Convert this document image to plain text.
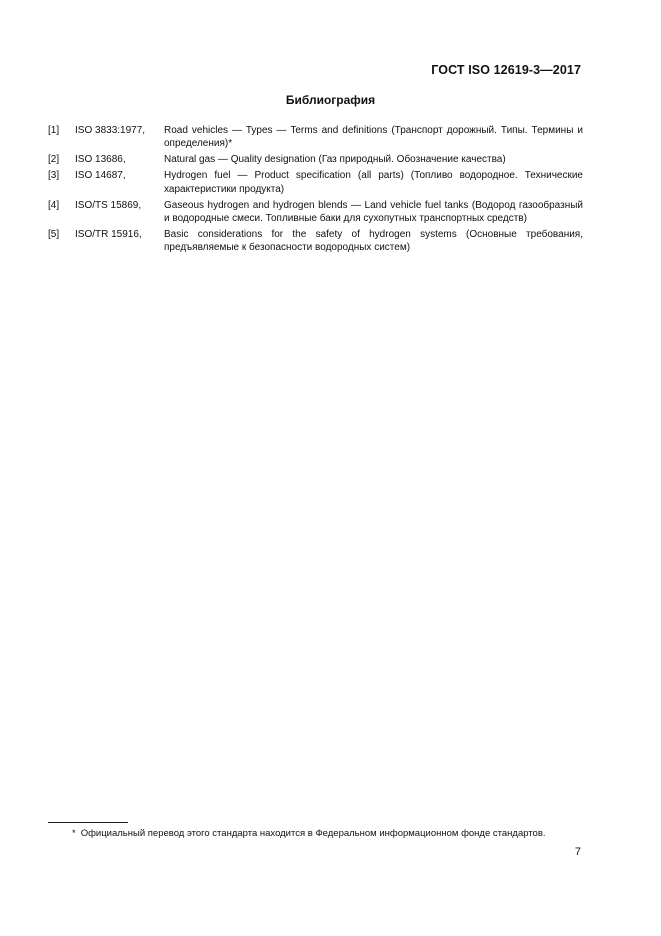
ГОСТ ISO 12619-3—2017
Библиография
[1]	ISO 3833:1977,	Road vehicles — Types — Terms and definitions (Транспорт дорожный. Типы. Термины и определения)*
[2]	ISO 13686,	Natural gas — Quality designation (Газ природный. Обозначение качества)
[3]	ISO 14687,	Hydrogen fuel — Product specification (all parts) (Топливо водородное. Технические характеристики продукта)
[4]	ISO/TS 15869,	Gaseous hydrogen and hydrogen blends — Land vehicle fuel tanks (Водород газообразный и водородные смеси. Топливные баки для сухопутных транспортных средств)
[5]	ISO/TR 15916,	Basic considerations for the safety of hydrogen systems (Основные требования, предъявляемые к безопасности водородных систем)
* Официальный перевод этого стандарта находится в Федеральном информационном фонде стандартов.
7
